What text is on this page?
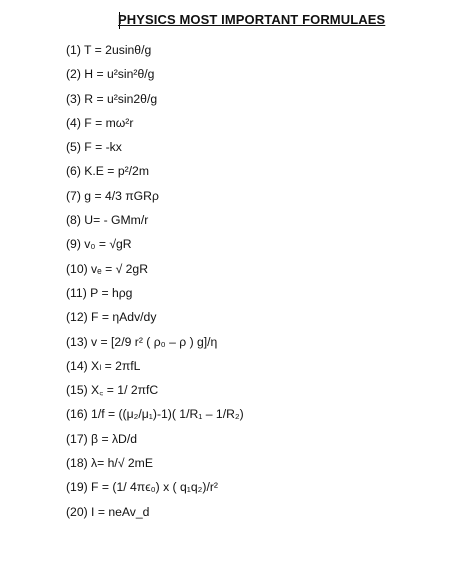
PHYSICS MOST IMPORTANT FORMULAES
(1) T = 2usinθ/g
(2) H = u²sin²θ/g
(3) R = u²sin2θ/g
(4) F = mω²r
(5) F = -kx
(6) K.E = p²/2m
(7) g = 4/3 πGRρ
(8) U= - GMm/r
(9) v₀ = √gR
(10) vₑ = √ 2gR
(11) P = hρg
(12) F = ηAdv/dy
(13) v = [2/9 r² ( ρ₀ – ρ ) g]/η
(14) Xₗ = 2πfL
(15) X꜀ = 1/ 2πfC
(16) 1/f = ((μ₂/μ₁)-1)( 1/R₁ – 1/R₂)
(17) β = λD/d
(18) λ= h/√ 2mE
(19) F = (1/ 4πϵ₀) x ( q₁q₂)/r²
(20) I = neAv_d
